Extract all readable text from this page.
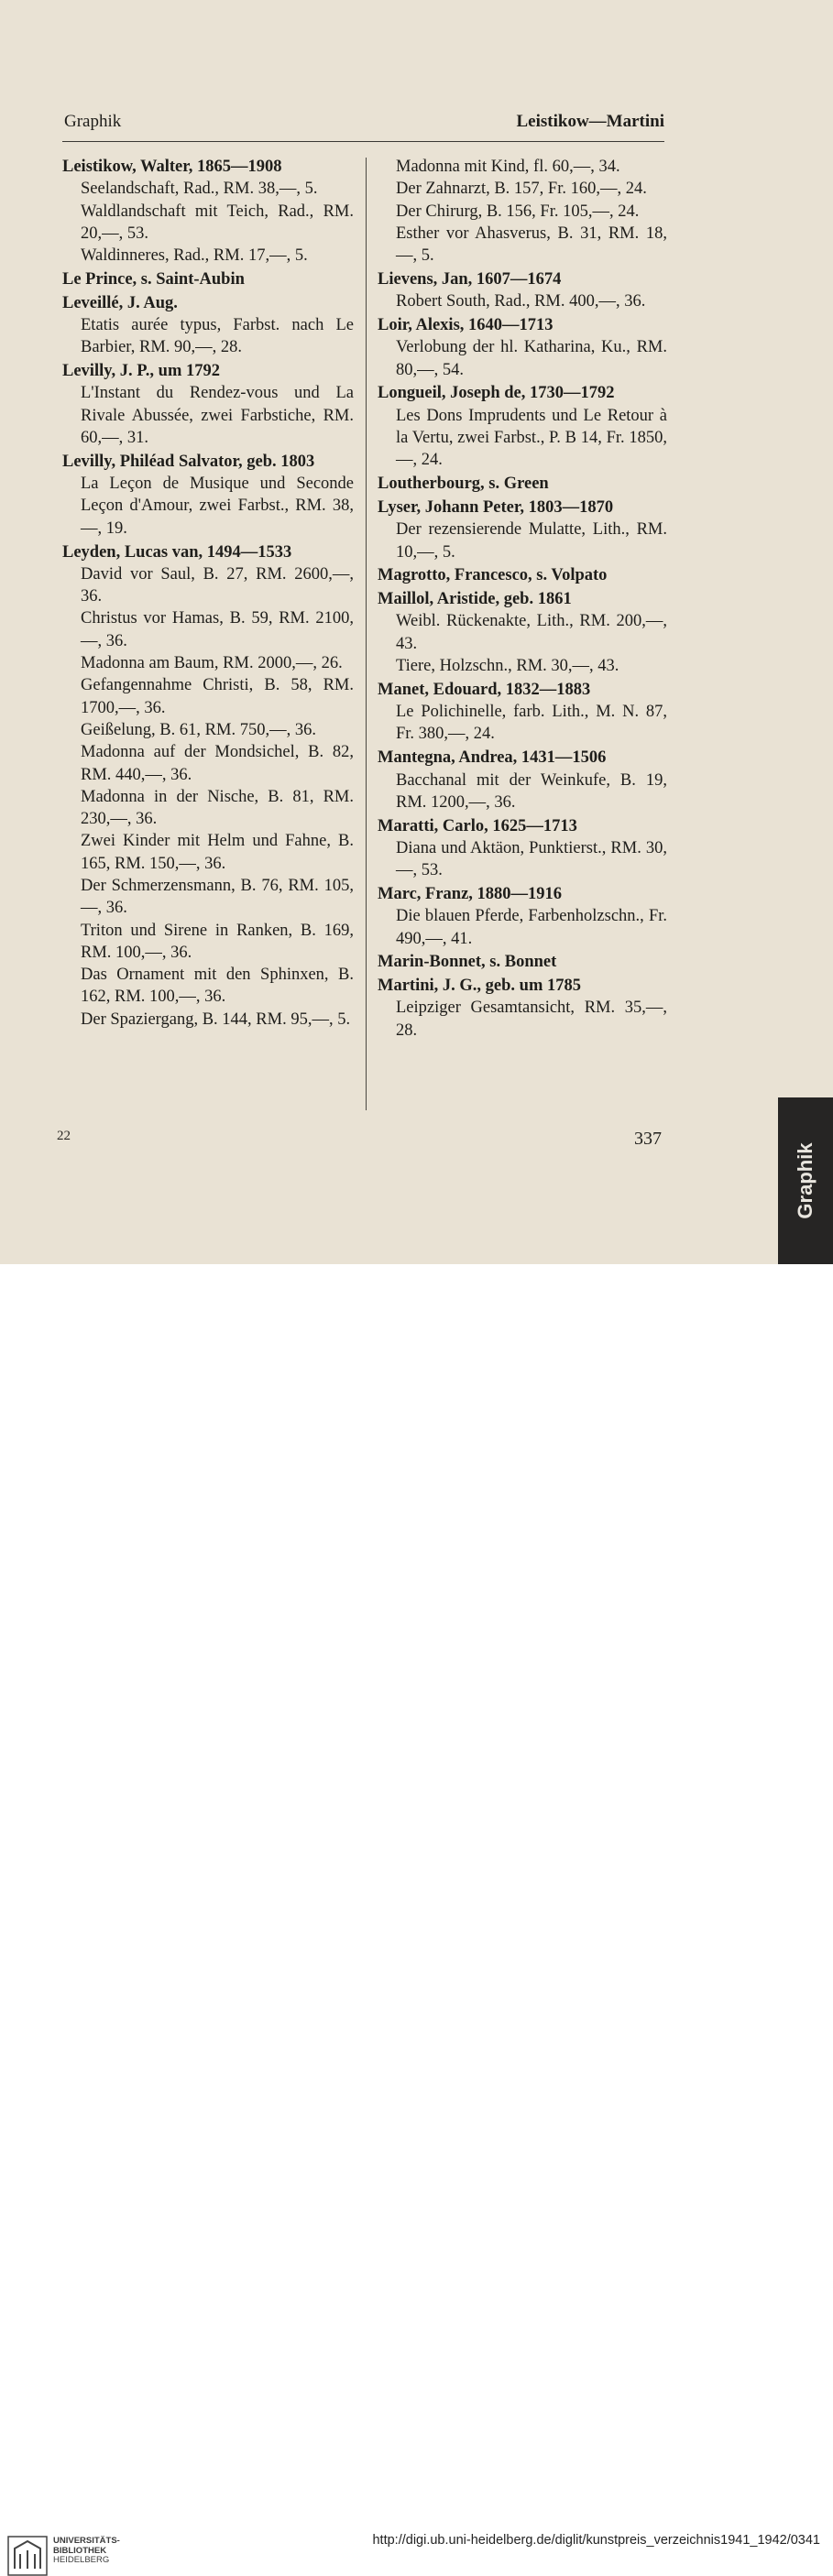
Graphik	Leistikow—Martini
Leistikow, Walter, 1865—1908
Seelandschaft, Rad., RM. 38,—, 5.
Waldlandschaft mit Teich, Rad., RM. 20,—, 53.
Waldinneres, Rad., RM. 17,—, 5.
Le Prince, s. Saint-Aubin
Leveillé, J. Aug.
Etatis aurée typus, Farbst. nach Le Barbier, RM. 90,—, 28.
Levilly, J. P., um 1792
L'Instant du Rendez-vous und La Rivale Abussée, zwei Farbstiche, RM. 60,—, 31.
Levilly, Philéad Salvator, geb. 1803
La Leçon de Musique und Seconde Leçon d'Amour, zwei Farbst., RM. 38,—, 19.
Leyden, Lucas van, 1494—1533
David vor Saul, B. 27, RM. 2600,—, 36.
Christus vor Hamas, B. 59, RM. 2100,—, 36.
Madonna am Baum, RM. 2000,—, 26.
Gefangennahme Christi, B. 58, RM. 1700,—, 36.
Geißelung, B. 61, RM. 750,—, 36.
Madonna auf der Mondsichel, B. 82, RM. 440,—, 36.
Madonna in der Nische, B. 81, RM. 230,—, 36.
Zwei Kinder mit Helm und Fahne, B. 165, RM. 150,—, 36.
Der Schmerzensmann, B. 76, RM. 105,—, 36.
Triton und Sirene in Ranken, B. 169, RM. 100,—, 36.
Das Ornament mit den Sphinxen, B. 162, RM. 100,—, 36.
Der Spaziergang, B. 144, RM. 95,—, 5.
Madonna mit Kind, fl. 60,—, 34.
Der Zahnarzt, B. 157, Fr. 160,—, 24.
Der Chirurg, B. 156, Fr. 105,—, 24.
Esther vor Ahasverus, B. 31, RM. 18,—, 5.
Lievens, Jan, 1607—1674
Robert South, Rad., RM. 400,—, 36.
Loir, Alexis, 1640—1713
Verlobung der hl. Katharina, Ku., RM. 80,—, 54.
Longueil, Joseph de, 1730—1792
Les Dons Imprudents und Le Retour à la Vertu, zwei Farbst., P. B 14, Fr. 1850,—, 24.
Loutherbourg, s. Green
Lyser, Johann Peter, 1803—1870
Der rezensierende Mulatte, Lith., RM. 10,—, 5.
Magrotto, Francesco, s. Volpato
Maillol, Aristide, geb. 1861
Weibl. Rückenakte, Lith., RM. 200,—, 43.
Tiere, Holzschn., RM. 30,—, 43.
Manet, Edouard, 1832—1883
Le Polichinelle, farb. Lith., M. N. 87, Fr. 380,—, 24.
Mantegna, Andrea, 1431—1506
Bacchanal mit der Weinkufe, B. 19, RM. 1200,—, 36.
Maratti, Carlo, 1625—1713
Diana und Aktäon, Punktierst., RM. 30,—, 53.
Marc, Franz, 1880—1916
Die blauen Pferde, Farbenholzschn., Fr. 490,—, 41.
Marin-Bonnet, s. Bonnet
Martini, J. G., geb. um 1785
Leipziger Gesamtansicht, RM. 35,—, 28.
22	337
Graphik
UNIVERSITÄTS-
BIBLIOTHEK
HEIDELBERG
http://digi.ub.uni-heidelberg.de/diglit/kunstpreis_verzeichnis1941_1942/0341
